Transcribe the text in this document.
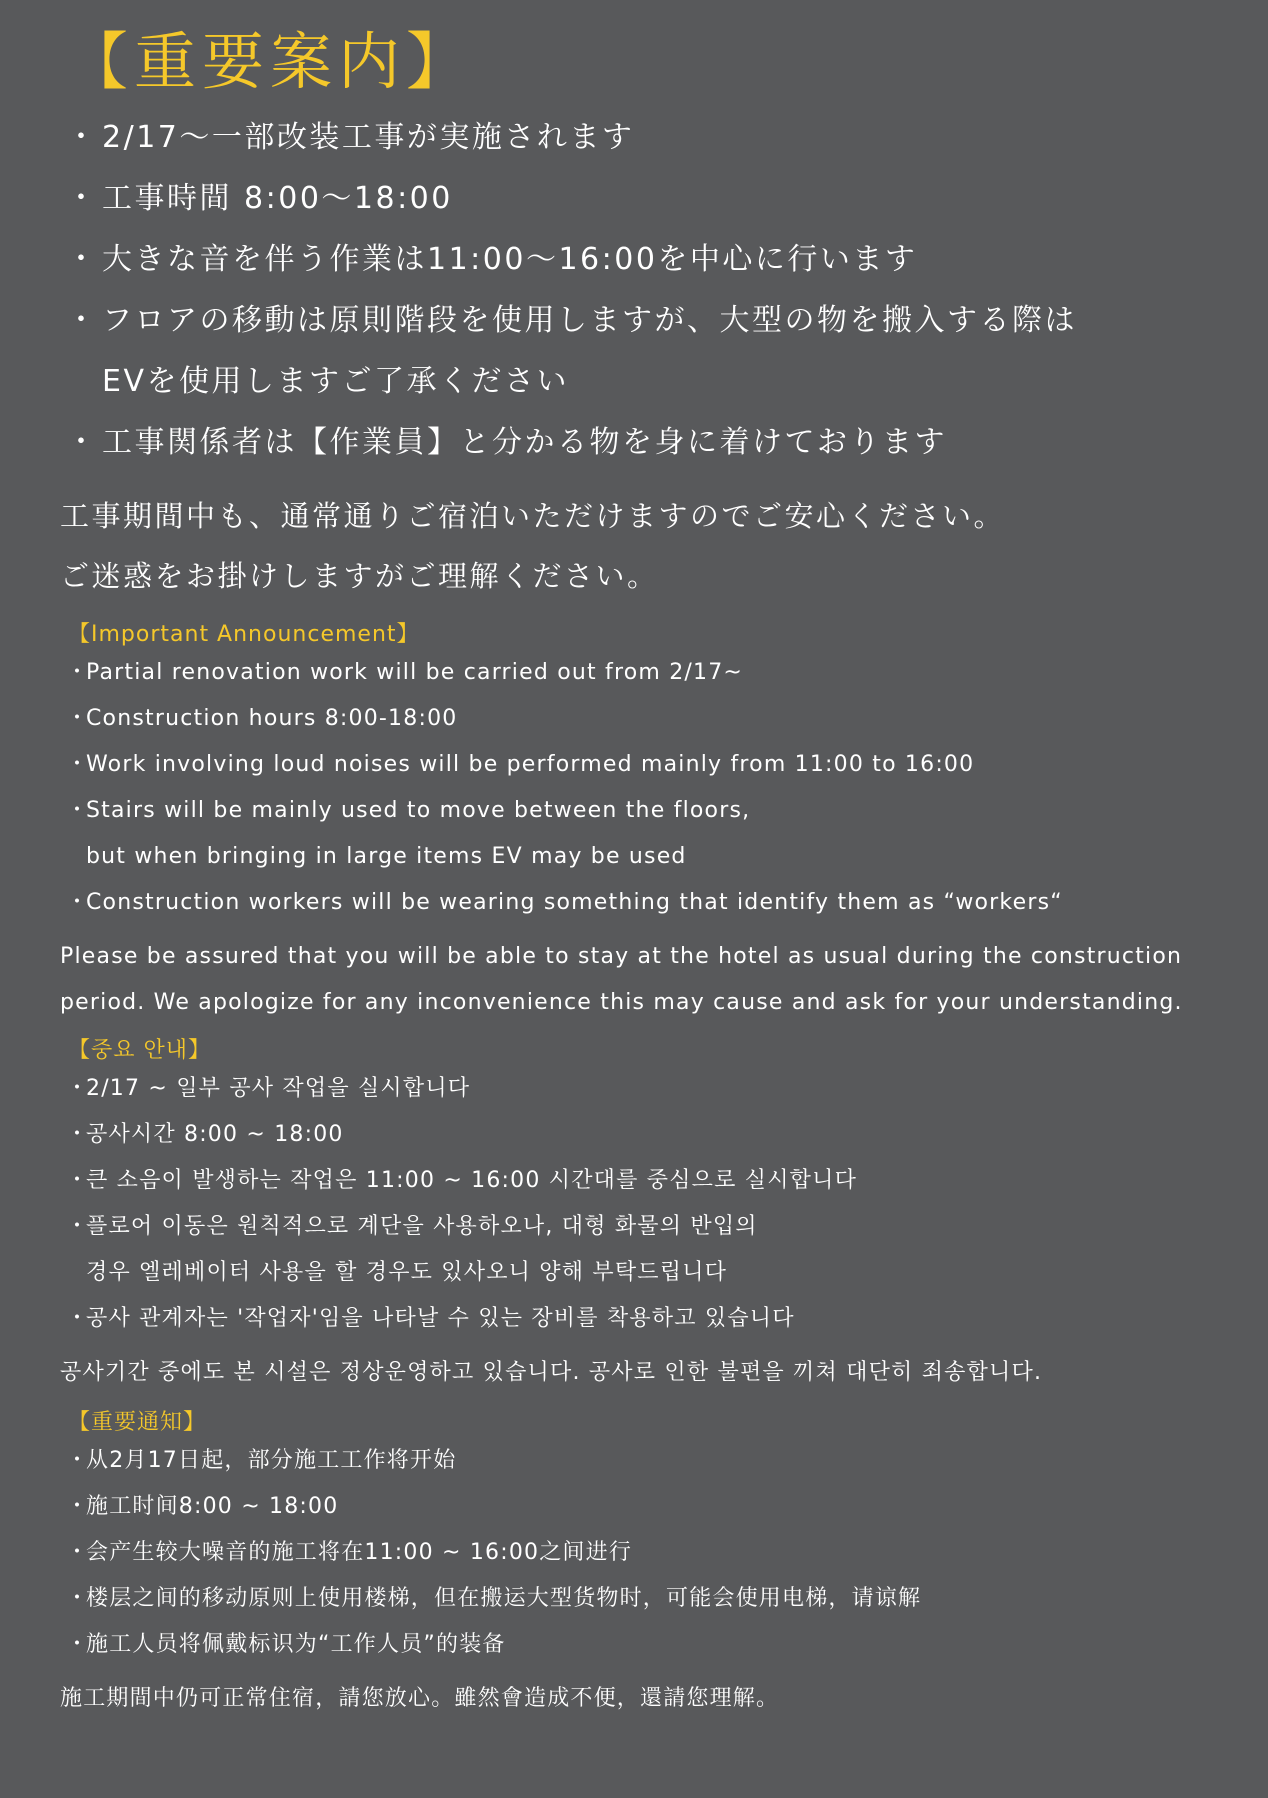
【重要案内】
・ 2/17～一部改装工事が実施されます
・ 工事時間 8:00～18:00
・ 大きな音を伴う作業は11:00～16:00を中心に行います
・ フロアの移動は原則階段を使用しますが、大型の物を搬入する際は
EVを使用しますご了承ください
・ 工事関係者は【作業員】と分かる物を身に着けております

工事期間中も、通常通りご宿泊いただけますのでご安心ください。

ご迷惑をお掛けしますがご理解ください。

【Important Announcement】
・Partial renovation work will be carried out from 2/17~
・Construction hours 8:00-18:00
・Work involving loud noises will be performed mainly from 11:00 to 16:00
・Stairs will be mainly used to move between the floors,
but when bringing in large items EV may be used
・Construction workers will be wearing something that identify them as “workers“

Please be assured that you will be able to stay at the hotel as usual during the construction

period. We apologize for any inconvenience this may cause and ask for your understanding.

【중요 안내】
・2/17 ~ 일부 공사 작업을 실시합니다
・공사시간 8:00 ~ 18:00
・큰 소음이 발생하는 작업은 11:00 ~ 16:00 시간대를 중심으로 실시합니다
・플로어 이동은 원칙적으로 계단을 사용하오나, 대형 화물의 반입의
경우 엘레베이터 사용을 할 경우도 있사오니 양해 부탁드립니다
・공사 관계자는 '작업자'임을 나타날 수 있는 장비를 착용하고 있습니다

공사기간 중에도 본 시설은 정상운영하고 있습니다. 공사로 인한 불편을 끼쳐 대단히 죄송합니다.

【重要通知】
・从2月17日起，部分施工工作将开始
・施工时间8:00 ~ 18:00
・会产生较大噪音的施工将在11:00 ~ 16:00之间进行
・楼层之间的移动原则上使用楼梯，但在搬运大型货物时，可能会使用电梯，请谅解
・施工人员将佩戴标识为“工作人员”的装备

施工期間中仍可正常住宿，請您放心。雖然會造成不便，還請您理解。
